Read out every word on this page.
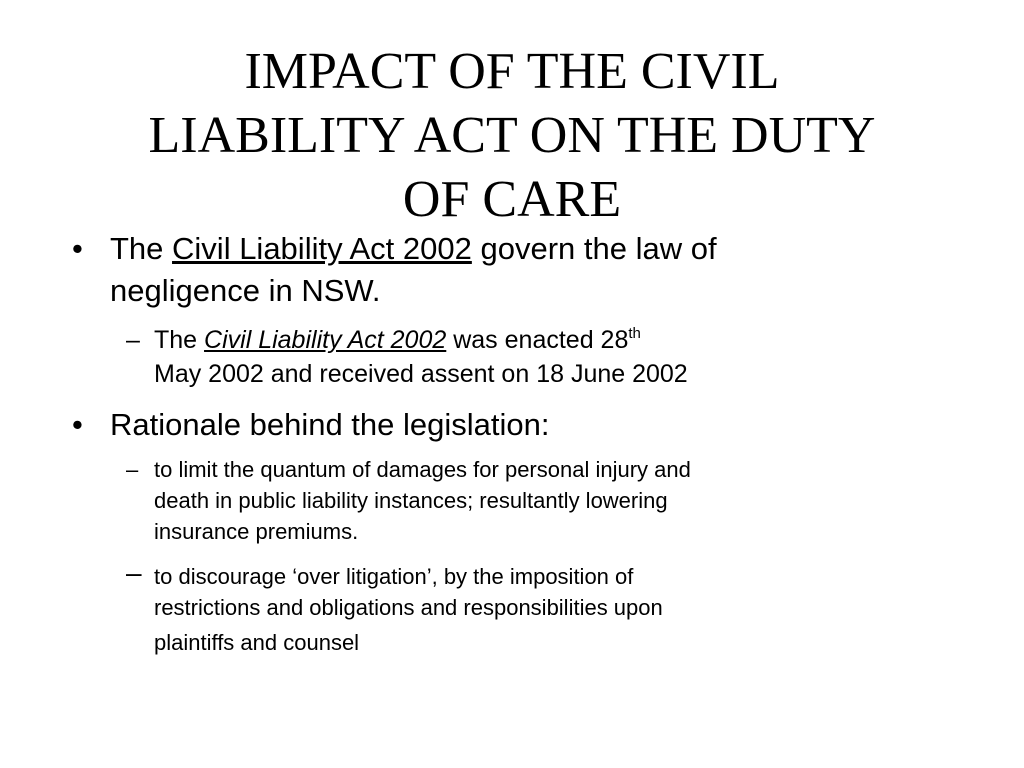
IMPACT OF THE CIVIL
LIABILITY ACT ON THE DUTY
OF CARE
• The Civil Liability Act 2002 govern the law of
negligence in NSW.
– The Civil Liability Act 2002 was enacted 28th
May 2002 and received assent on 18 June 2002
• Rationale behind the legislation:
– to limit the quantum of damages for personal injury and
death in public liability instances; resultantly lowering
insurance premiums.
– to discourage ‘over litigation’, by the imposition of
restrictions and obligations and responsibilities upon
plaintiffs and counsel
